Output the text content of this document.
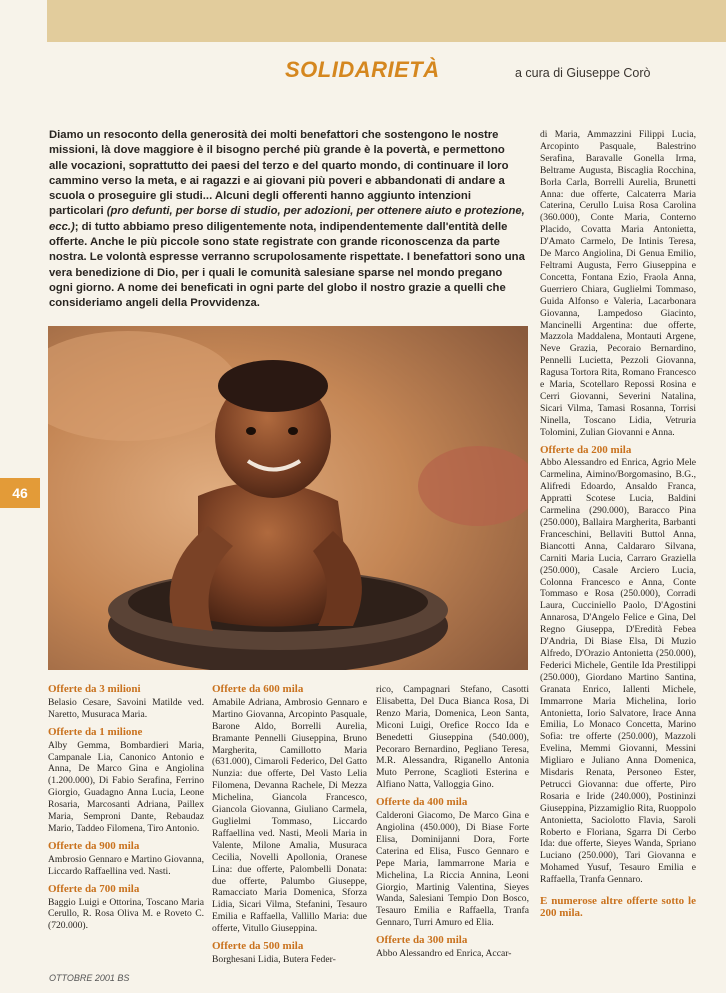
SOLIDARIETÀ	a cura di Giuseppe Corò
Diamo un resoconto della generosità dei molti benefattori che sostengono le nostre missioni, là dove maggiore è il bisogno perché più grande è la povertà, e permettono alle vocazioni, soprattutto dei paesi del terzo e del quarto mondo, di continuare il loro cammino verso la meta, e ai ragazzi e ai giovani più poveri e abbandonati di andare a scuola o proseguire gli studi... Alcuni degli offerenti hanno aggiunto intenzioni particolari (pro defunti, per borse di studio, per adozioni, per ottenere aiuto e protezione, ecc.); di tutto abbiamo preso diligentemente nota, indipendentemente dall'entità delle offerte. Anche le più piccole sono state registrate con grande riconoscenza da parte nostra. Le volontà espresse verranno scrupolosamente rispettate. I benefattori sono una vera benedizione di Dio, per i quali le comunità salesiane sparse nel mondo pregano ogni giorno. A nome dei beneficati in ogni parte del globo il nostro grazie a quelli che consideriamo angeli della Provvidenza.
46
Offerte da 3 milioni

Belasio Cesare, Savoini Matilde ved. Naretto, Musuraca Maria.

Offerte da 1 milione

Alby Gemma, Bombardieri Maria, Campanale Lia, Canonico Antonio e Anna, De Marco Gina e Angiolina (1.200.000), Di Fabio Serafina, Ferrino Giorgio, Guadagno Anna Lucia, Leone Rosaria, Marcosanti Adriana, Paillex Maria, Semproni Dante, Rebaudaz Mario, Taddeo Filomena, Tiro Antonio.

Offerte da 900 mila

Ambrosio Gennaro e Martino Giovanna, Liccardo Raffaellina ved. Nasti.

Offerte da 700 mila

Baggio Luigi e Ottorina, Toscano Maria Cerullo, R. Rosa Oliva M. e Roveto C. (720.000).

Offerte da 600 mila

Amabile Adriana, Ambrosio Gennaro e Martino Giovanna, Arcopinto Pasquale, Barone Aldo, Borrelli Aurelia, Bramante Pennelli Giuseppina, Bruno Margherita, Camillotto Maria (631.000), Cimaroli Federico, Del Gatto Nunzia: due offerte, Del Vasto Lelia Filomena, Devanna Rachele, Di Mezza Michelina, Giancola Francesco, Giancola Giovanna, Giuliano Carmela, Guglielmi Tommaso, Liccardo Raffaellina ved. Nasti, Meoli Maria in Valente, Milone Amalia, Musuraca Cecilia, Novelli Apollonia, Oranese Lina: due offerte, Palombelli Donata: due offerte, Palumbo Giuseppe, Ramacciato Maria Domenica, Sforza Lidia, Sicari Vilma, Stefanini, Tesauro Emilia e Raffaella, Vallillo Maria: due offerte, Vitullo Giuseppina.

Offerte da 500 mila

Borghesani Lidia, Butera Feder-

rico, Campagnari Stefano, Casotti Elisabetta, Del Duca Bianca Rosa, Di Renzo Maria, Domenica, Leon Santa, Miconi Luigi, Orefice Rocco Ida e Benedetti Giuseppina (540.000), Pecoraro Bernardino, Pegliano Teresa, M.R. Alessandra, Riganello Antonia Muto Perrone, Scaglioti Esterina e Alfiano Natta, Valloggia Gino.

Offerte da 400 mila

Calderoni Giacomo, De Marco Gina e Angiolina (450.000), Di Biase Forte Elisa, Dominijanni Dora, Forte Caterina ed Elisa, Fusco Gennaro e Pepe Maria, Iammarrone Maria e Michelina, La Riccia Annina, Leoni Giorgio, Martinig Valentina, Sieyes Wanda, Salesiani Tempio Don Bosco, Tesauro Emilia e Raffaella, Tranfa Gennaro, Turri Amuro ed Elia.

Offerte da 300 mila

Abbo Alessandro ed Enrica, Accar-

di Maria, Ammazzini Filippi Lucia, Arcopinto Pasquale, Balestrino Serafina, Baravalle Gonella Irma, Beltrame Augusta, Biscaglia Rocchina, Borla Carla, Borrelli Aurelia, Brunetti Anna: due offerte, Calcaterra Maria Caterina, Cerullo Luisa Rosa Carolina (360.000), Conte Maria, Conterno Placido, Covatta Maria Antonietta, D'Amato Carmelo, De Intinis Teresa, De Marco Angiolina, Di Genua Emilio, Feltrami Augusta, Ferro Giuseppina e Concetta, Fontana Ezio, Fraola Anna, Guerriero Chiara, Guglielmi Tommaso, Guida Alfonso e Valeria, Lacarbonara Giovanna, Lampedoso Giacinto, Mancinelli Argentina: due offerte, Mazzola Maddalena, Montauti Argene, Neve Grazia, Pecoraio Bernardino, Pennelli Lucietta, Pezzoli Giovanna, Ragusa Tortora Rita, Romano Francesco e Maria, Scotellaro Repossi Rosina e Cerri Giovanni, Severini Natalina, Sicari Vilma, Tamasi Rosanna, Torrisi Ninella, Toscano Lidia, Vetruria Tolomini, Zulian Giovanni e Anna.

Offerte da 200 mila

Abbo Alessandro ed Enrica, Agrio Mele Carmelina, Aimino/Borgomasino, B.G., Alifredi Edoardo, Ansaldo Franca, Apprattì Scotese Lucia, Baldini Carmelina (290.000), Baracco Pina (250.000), Ballaira Margherita, Barbanti Franceschini, Bellaviti Buttol Anna, Biancotti Anna, Caldararo Silvana, Carniti Maria Lucia, Carraro Graziella (250.000), Casale Arciero Lucia, Colonna Francesco e Anna, Conte Tommaso e Rosa (250.000), Corradi Laura, Cucciniello Paolo, D'Agostini Annarosa, D'Angelo Felice e Gina, Del Regno Giuseppa, D'Eredità Febea D'Andria, Di Biase Elsa, Di Muzio Alfredo, D'Orazio Antonietta (250.000), Federici Michele, Gentile Ida Prestilippi (250.000), Giordano Martino Santina, Granata Enrico, Iallenti Michele, Immarrone Maria Michelina, Iorio Antonietta, Iorio Salvatore, Irace Anna Emilia, Lo Monaco Concetta, Marino Sofia: tre offerte (250.000), Mazzoli Evelina, Memmi Giovanni, Messini Migliaro e Juliano Anna Domenica, Misdaris Renata, Personeo Ester, Petrucci Giovanna: due offerte, Piro Rosaria e Iride (240.000), Postininzi Giuseppina, Pizzamiglio Rita, Ruoppolo Antonietta, Saciolotto Flavia, Saroli Roberto e Floriana, Sgarra Di Cerbo Ida: due offerte, Sieyes Wanda, Spriano Luciano (250.000), Tari Giovanna e Mohamed Yusuf, Tesauro Emilia e Raffaella, Tranfa Gennaro.

E numerose altre offerte sotto le 200 mila.
OTTOBRE 2001 BS
